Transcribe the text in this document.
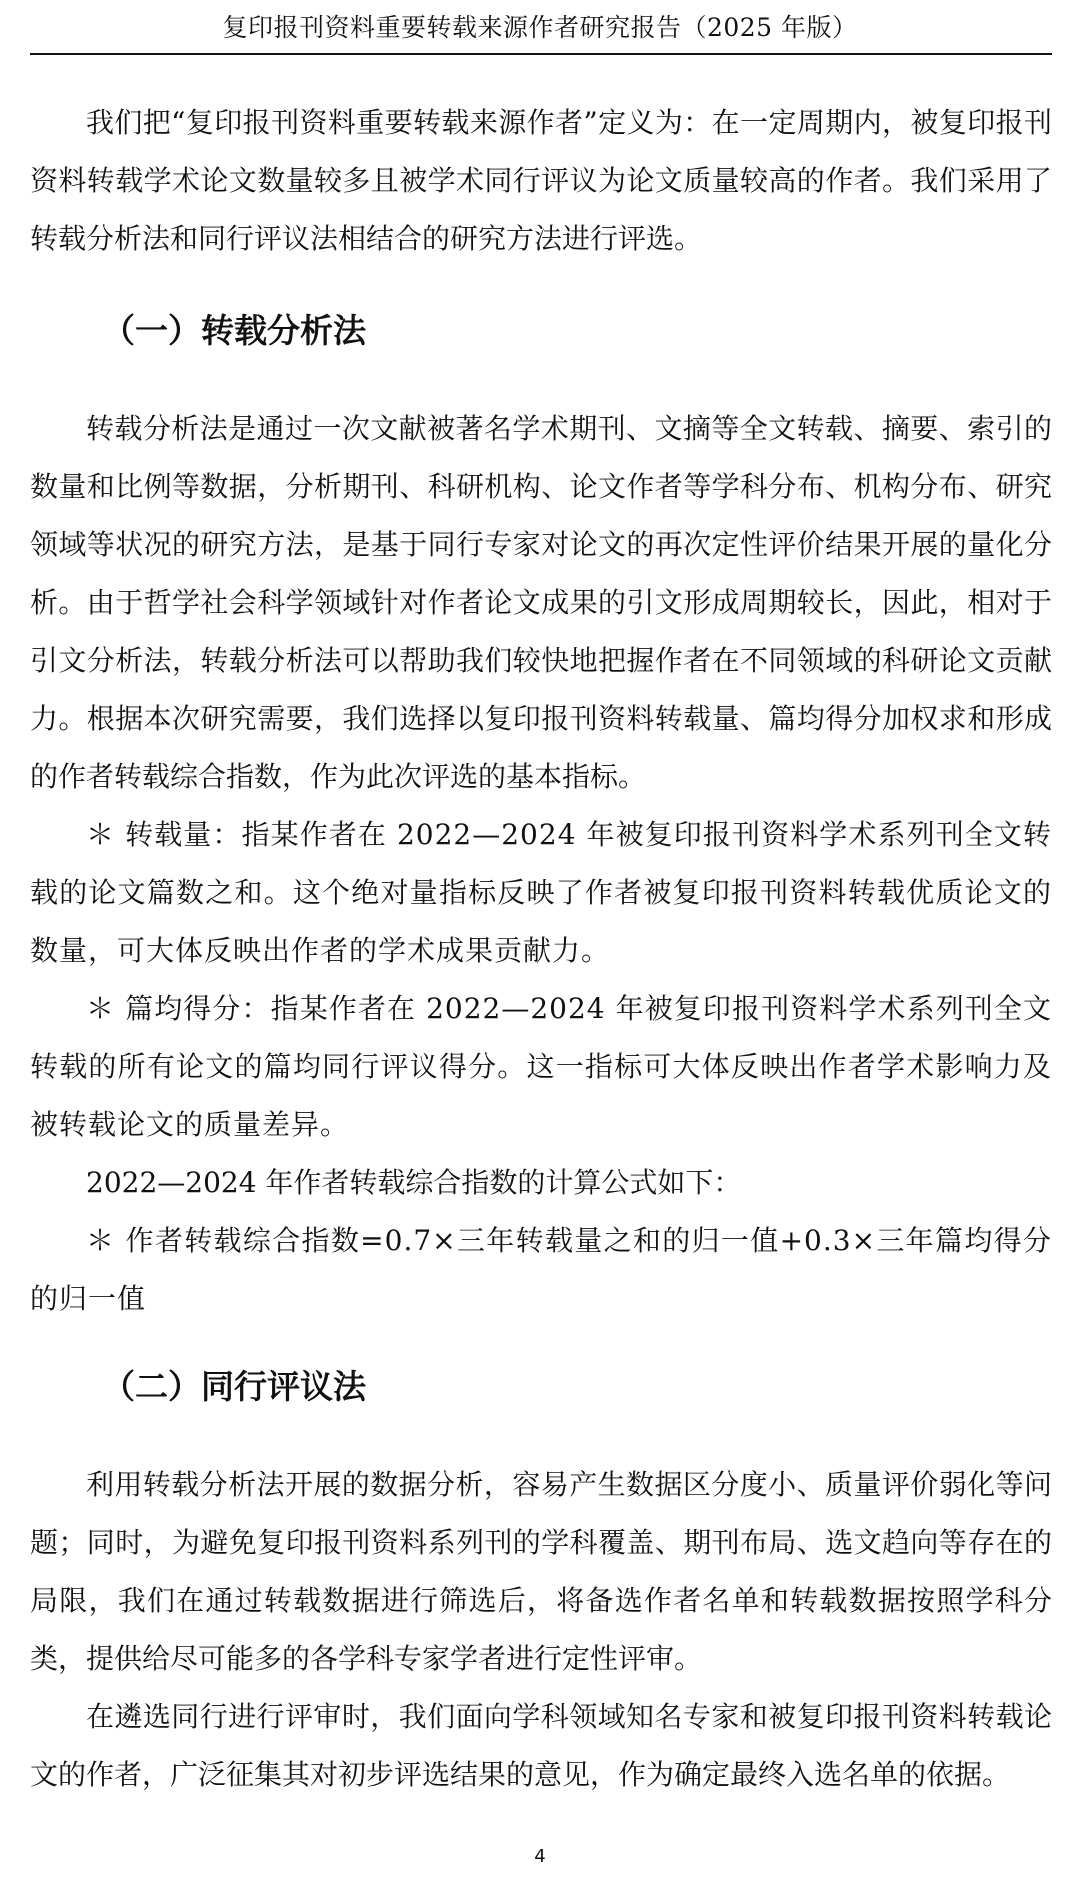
复印报刊资料重要转载来源作者研究报告（2025 年版）

我们把“复印报刊资料重要转载来源作者”定义为：在一定周期内，被复印报刊资料转载学术论文数量较多且被学术同行评议为论文质量较高的作者。我们采用了转载分析法和同行评议法相结合的研究方法进行评选。

（一）转载分析法

转载分析法是通过一次文献被著名学术期刊、文摘等全文转载、摘要、索引的数量和比例等数据，分析期刊、科研机构、论文作者等学科分布、机构分布、研究领域等状况的研究方法，是基于同行专家对论文的再次定性评价结果开展的量化分析。由于哲学社会科学领域针对作者论文成果的引文形成周期较长，因此，相对于引文分析法，转载分析法可以帮助我们较快地把握作者在不同领域的科研论文贡献力。根据本次研究需要，我们选择以复印报刊资料转载量、篇均得分加权求和形成的作者转载综合指数，作为此次评选的基本指标。

＊ 转载量：指某作者在 2022—2024 年被复印报刊资料学术系列刊全文转载的论文篇数之和。这个绝对量指标反映了作者被复印报刊资料转载优质论文的数量，可大体反映出作者的学术成果贡献力。

＊ 篇均得分：指某作者在 2022—2024 年被复印报刊资料学术系列刊全文转载的所有论文的篇均同行评议得分。这一指标可大体反映出作者学术影响力及被转载论文的质量差异。

2022—2024 年作者转载综合指数的计算公式如下：

＊ 作者转载综合指数=0.7×三年转载量之和的归一值+0.3×三年篇均得分的归一值

（二）同行评议法

利用转载分析法开展的数据分析，容易产生数据区分度小、质量评价弱化等问题；同时，为避免复印报刊资料系列刊的学科覆盖、期刊布局、选文趋向等存在的局限，我们在通过转载数据进行筛选后，将备选作者名单和转载数据按照学科分类，提供给尽可能多的各学科专家学者进行定性评审。

在遴选同行进行评审时，我们面向学科领域知名专家和被复印报刊资料转载论文的作者，广泛征集其对初步评选结果的意见，作为确定最终入选名单的依据。

4
